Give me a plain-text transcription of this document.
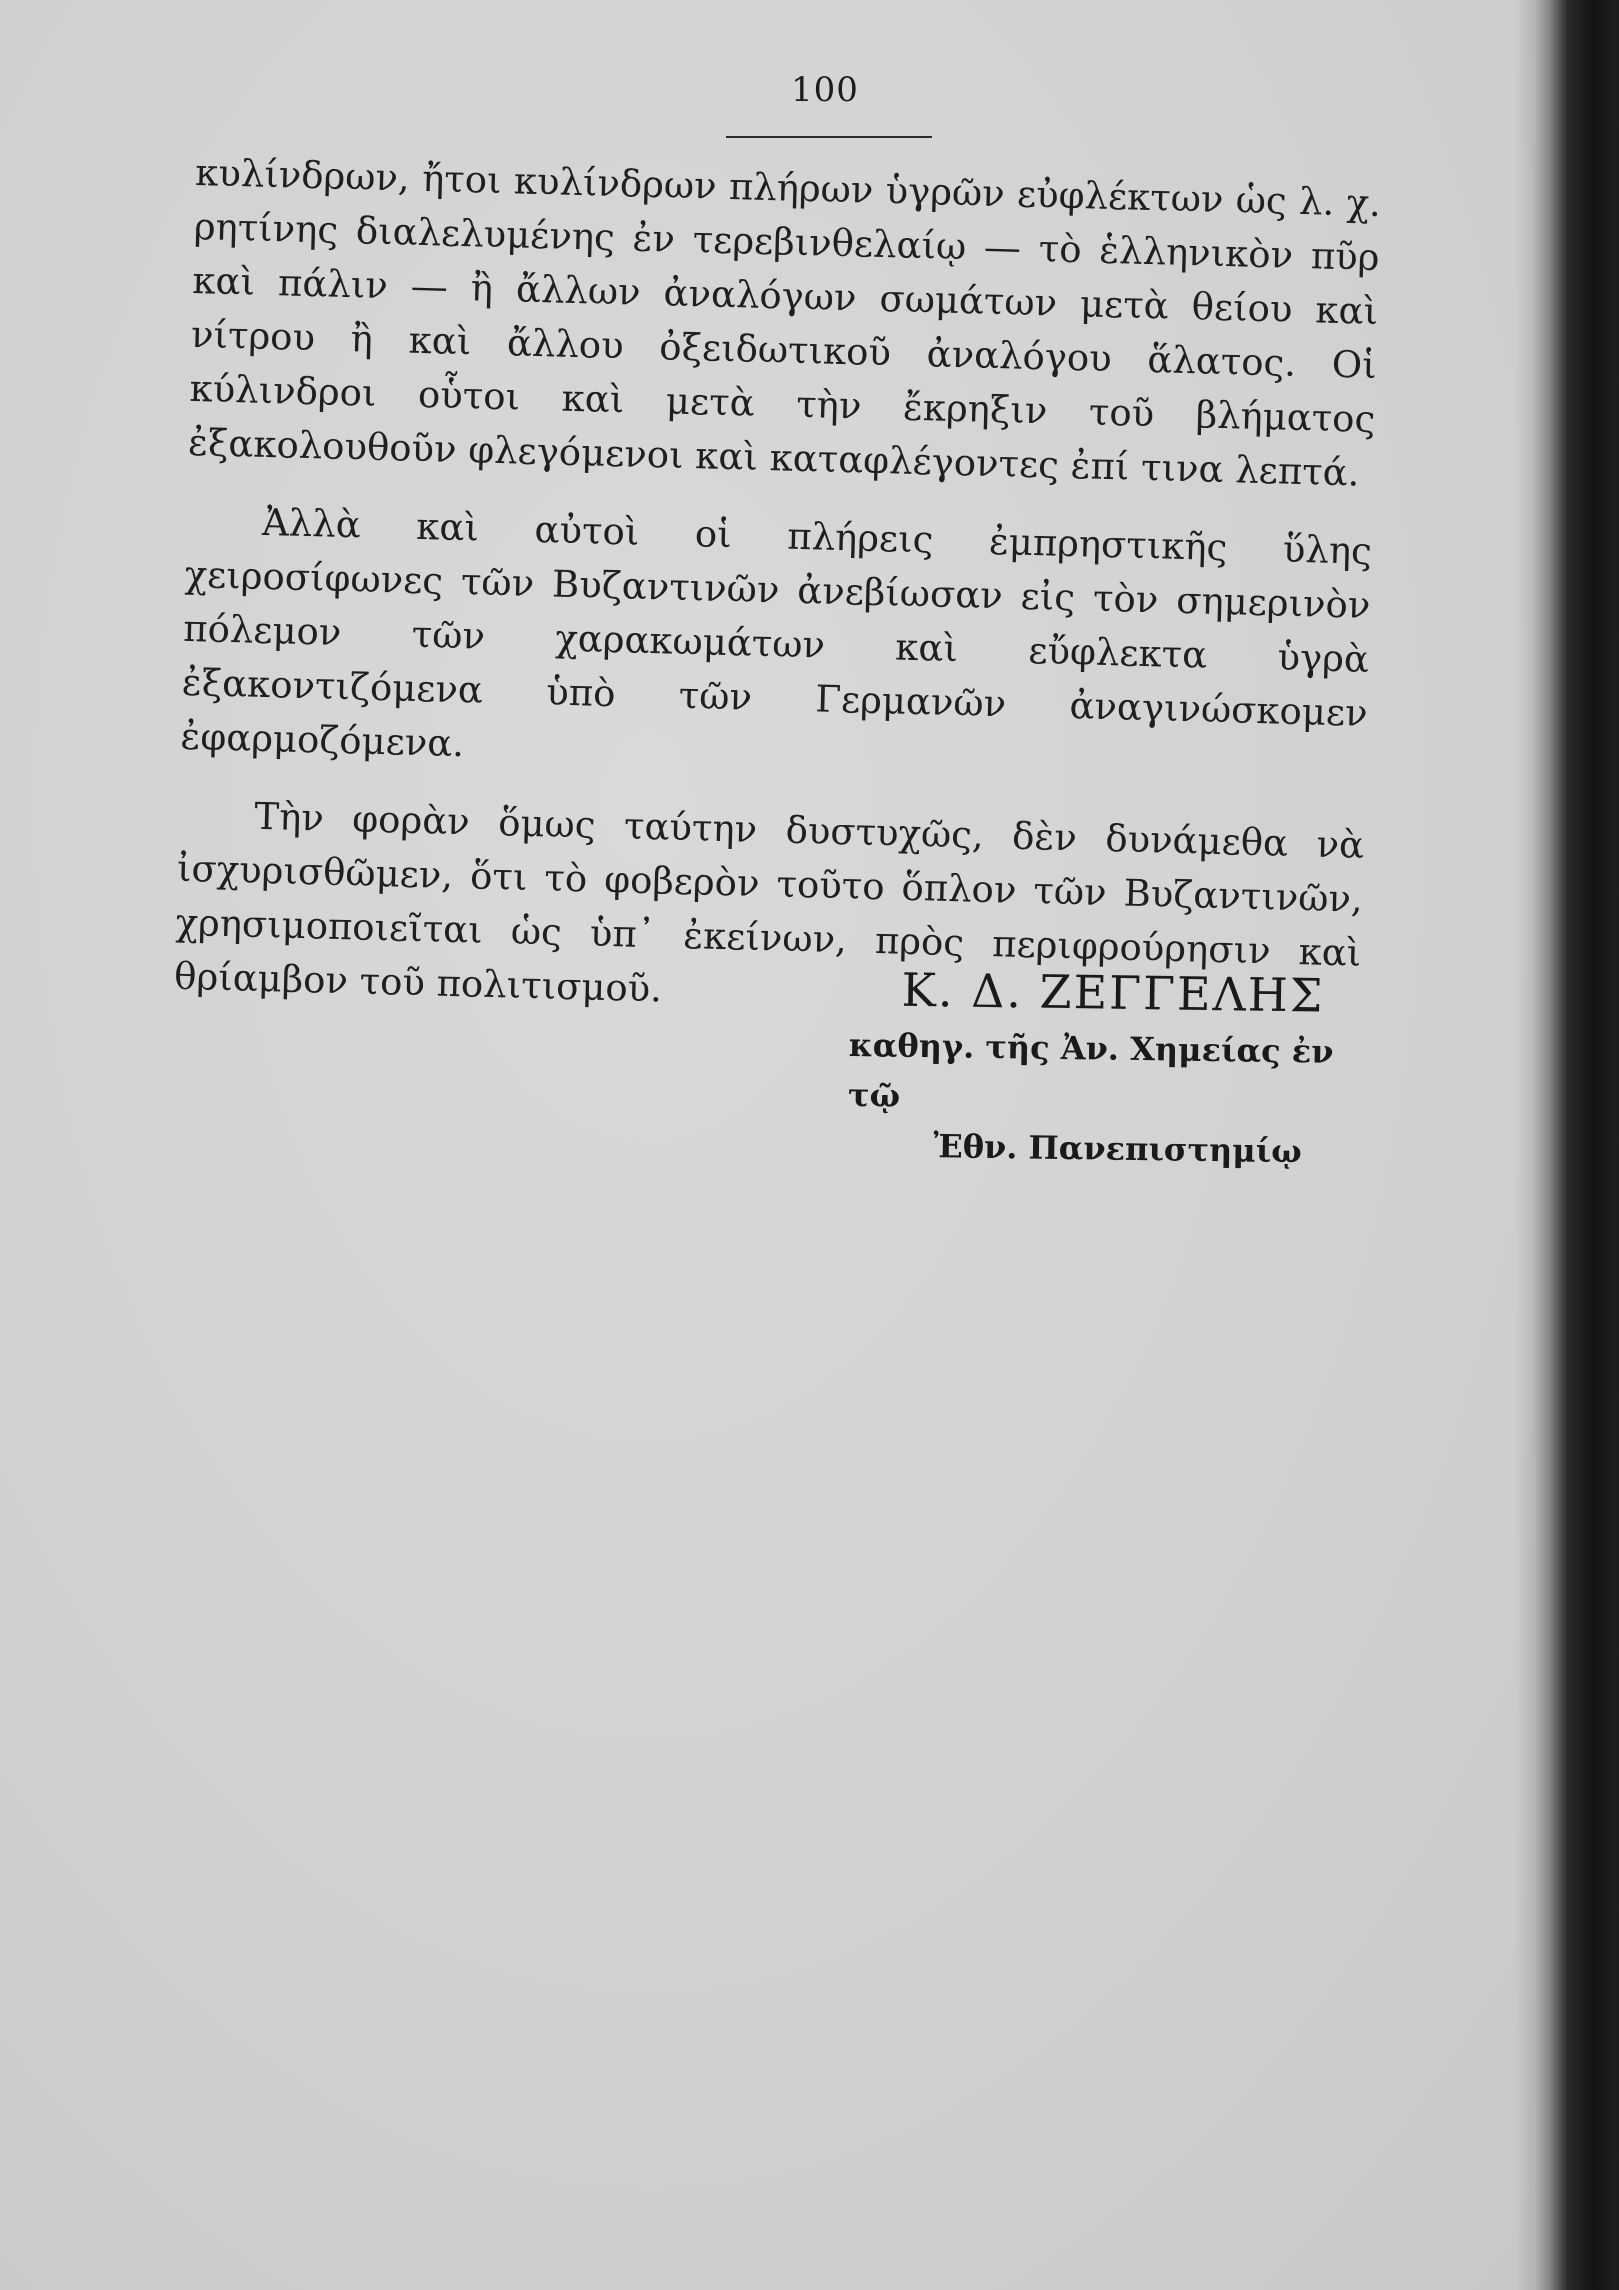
100

κυλίνδρων, ἤτοι κυλίνδρων πλήρων ὑγρῶν εὐφλέκτων ὡς λ. χ. ρητίνης διαλελυμένης ἐν τερεβινθελαίῳ — τὸ ἑλληνικὸν πῦρ καὶ πάλιν — ἢ ἄλλων ἀναλόγων σωμάτων μετὰ θείου καὶ νίτρου ἢ καὶ ἄλλου ὀξειδωτικοῦ ἀναλόγου ἅλατος. Οἱ κύλινδροι οὗτοι καὶ μετὰ τὴν ἔκρηξιν τοῦ βλήματος ἐξακολουθοῦν φλεγόμενοι καὶ καταφλέγοντες ἐπί τινα λεπτά.

Ἀλλὰ καὶ αὐτοὶ οἱ πλήρεις ἐμπρηστικῆς ὕλης χειροσίφωνες τῶν Βυζαντινῶν ἀνεβίωσαν εἰς τὸν σημερινὸν πόλεμον τῶν χαρακωμάτων καὶ εὔφλεκτα ὑγρὰ ἐξακοντιζόμενα ὑπὸ τῶν Γερμανῶν ἀναγινώσκομεν ἐφαρμοζόμενα.

Τὴν φορὰν ὅμως ταύτην δυστυχῶς, δὲν δυνάμεθα νὰ ἰσχυρισθῶμεν, ὅτι τὸ φοβερὸν τοῦτο ὅπλον τῶν Βυζαντινῶν, χρησιμοποιεῖται ὡς ὑπ᾿ ἐκείνων, πρὸς περιφρούρησιν καὶ θρίαμβον τοῦ πολιτισμοῦ.	Κ. Δ. ΖΕΓΓΕΛΗΣ
καθηγ. τῆς Ἀν. Χημείας ἐν τῷ
Ἐθν. Πανεπιστημίῳ
